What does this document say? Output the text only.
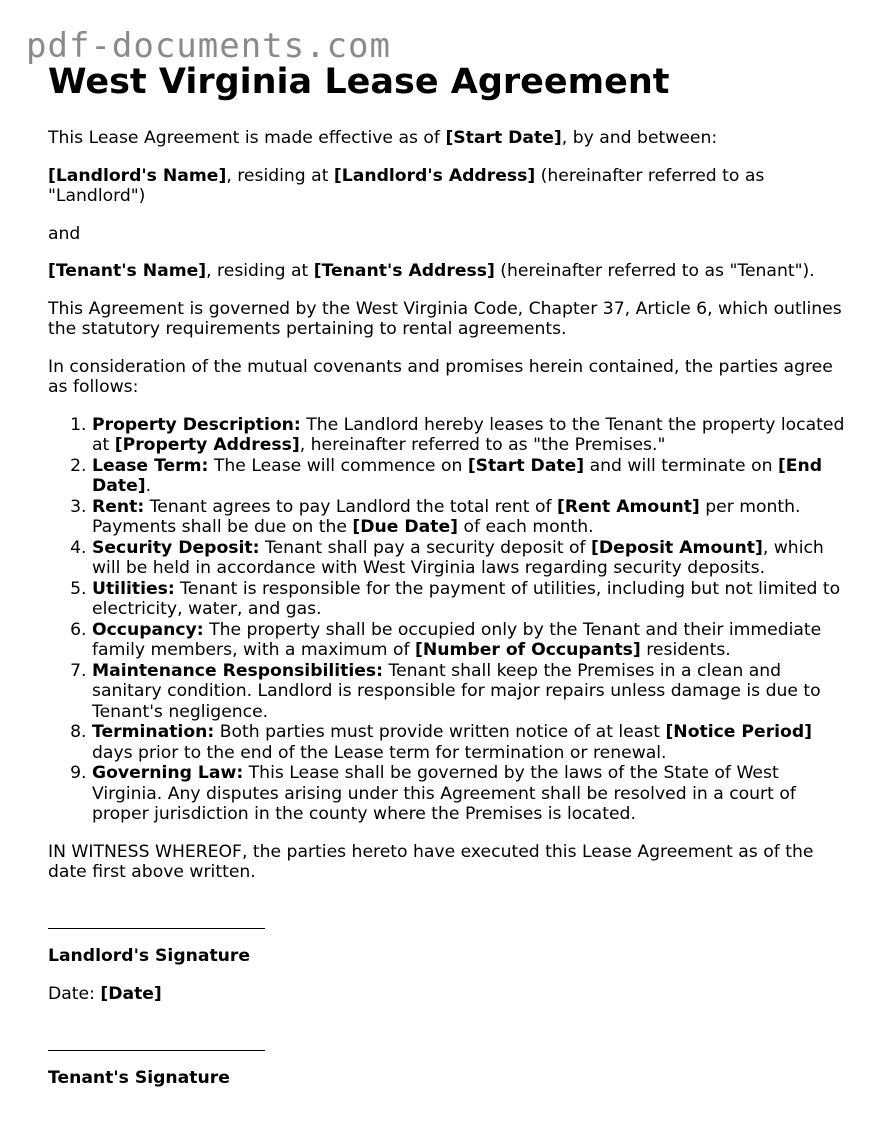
pdf-documents.com
West Virginia Lease Agreement

This Lease Agreement is made effective as of [Start Date], by and between:

[Landlord's Name], residing at [Landlord's Address] (hereinafter referred to as "Landlord")

and

[Tenant's Name], residing at [Tenant's Address] (hereinafter referred to as "Tenant").

This Agreement is governed by the West Virginia Code, Chapter 37, Article 6, which outlines the statutory requirements pertaining to rental agreements.

In consideration of the mutual covenants and promises herein contained, the parties agree as follows:

1. Property Description: The Landlord hereby leases to the Tenant the property located at [Property Address], hereinafter referred to as "the Premises."
2. Lease Term: The Lease will commence on [Start Date] and will terminate on [End Date].
3. Rent: Tenant agrees to pay Landlord the total rent of [Rent Amount] per month. Payments shall be due on the [Due Date] of each month.
4. Security Deposit: Tenant shall pay a security deposit of [Deposit Amount], which will be held in accordance with West Virginia laws regarding security deposits.
5. Utilities: Tenant is responsible for the payment of utilities, including but not limited to electricity, water, and gas.
6. Occupancy: The property shall be occupied only by the Tenant and their immediate family members, with a maximum of [Number of Occupants] residents.
7. Maintenance Responsibilities: Tenant shall keep the Premises in a clean and sanitary condition. Landlord is responsible for major repairs unless damage is due to Tenant's negligence.
8. Termination: Both parties must provide written notice of at least [Notice Period] days prior to the end of the Lease term for termination or renewal.
9. Governing Law: This Lease shall be governed by the laws of the State of West Virginia. Any disputes arising under this Agreement shall be resolved in a court of proper jurisdiction in the county where the Premises is located.

IN WITNESS WHEREOF, the parties hereto have executed this Lease Agreement as of the date first above written.

Landlord's Signature

Date: [Date]

Tenant's Signature
